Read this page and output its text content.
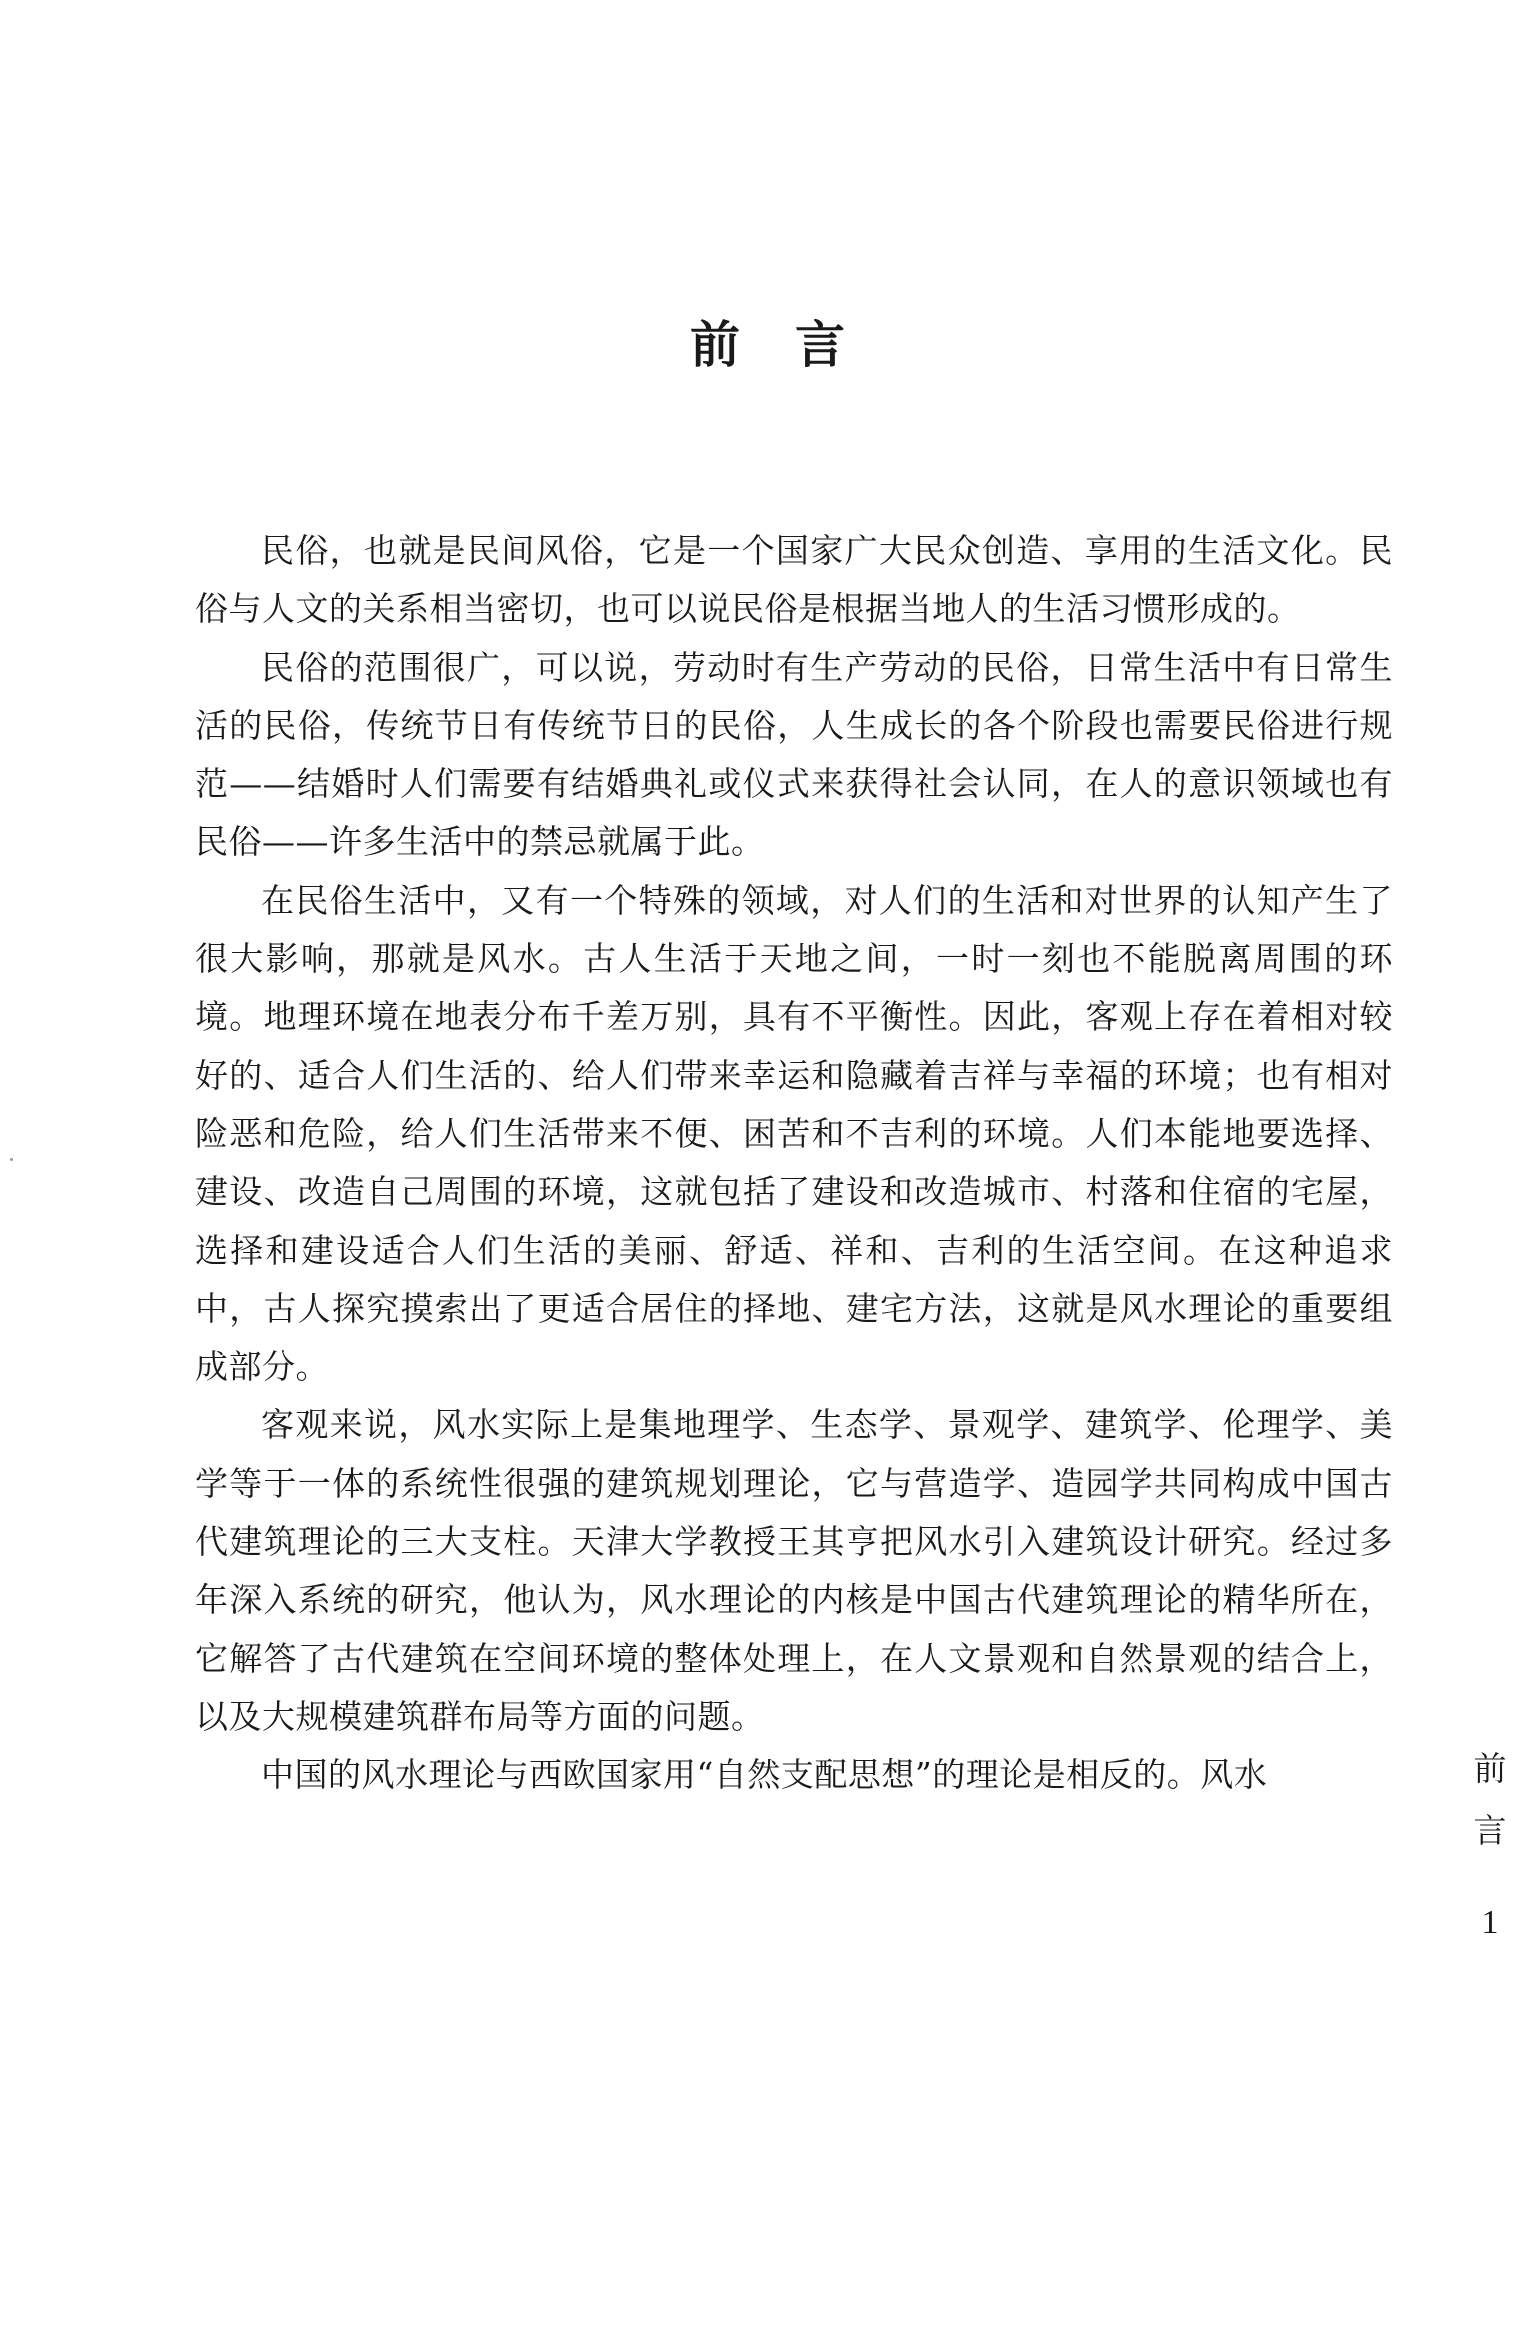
前言

民俗，也就是民间风俗，它是一个国家广大民众创造、享用的生活文化。民俗与人文的关系相当密切，也可以说民俗是根据当地人的生活习惯形成的。

民俗的范围很广，可以说，劳动时有生产劳动的民俗，日常生活中有日常生活的民俗，传统节日有传统节日的民俗，人生成长的各个阶段也需要民俗进行规范——结婚时人们需要有结婚典礼或仪式来获得社会认同，在人的意识领域也有民俗——许多生活中的禁忌就属于此。

在民俗生活中，又有一个特殊的领域，对人们的生活和对世界的认知产生了很大影响，那就是风水。古人生活于天地之间，一时一刻也不能脱离周围的环境。地理环境在地表分布千差万别，具有不平衡性。因此，客观上存在着相对较好的、适合人们生活的、给人们带来幸运和隐藏着吉祥与幸福的环境；也有相对险恶和危险，给人们生活带来不便、困苦和不吉利的环境。人们本能地要选择、建设、改造自己周围的环境，这就包括了建设和改造城市、村落和住宿的宅屋，选择和建设适合人们生活的美丽、舒适、祥和、吉利的生活空间。在这种追求中，古人探究摸索出了更适合居住的择地、建宅方法，这就是风水理论的重要组成部分。

客观来说，风水实际上是集地理学、生态学、景观学、建筑学、伦理学、美学等于一体的系统性很强的建筑规划理论，它与营造学、造园学共同构成中国古代建筑理论的三大支柱。天津大学教授王其亨把风水引入建筑设计研究。经过多年深入系统的研究，他认为，风水理论的内核是中国古代建筑理论的精华所在，它解答了古代建筑在空间环境的整体处理上，在人文景观和自然景观的结合上，以及大规模建筑群布局等方面的问题。

中国的风水理论与西欧国家用“自然支配思想”的理论是相反的。风水	前
言
1
